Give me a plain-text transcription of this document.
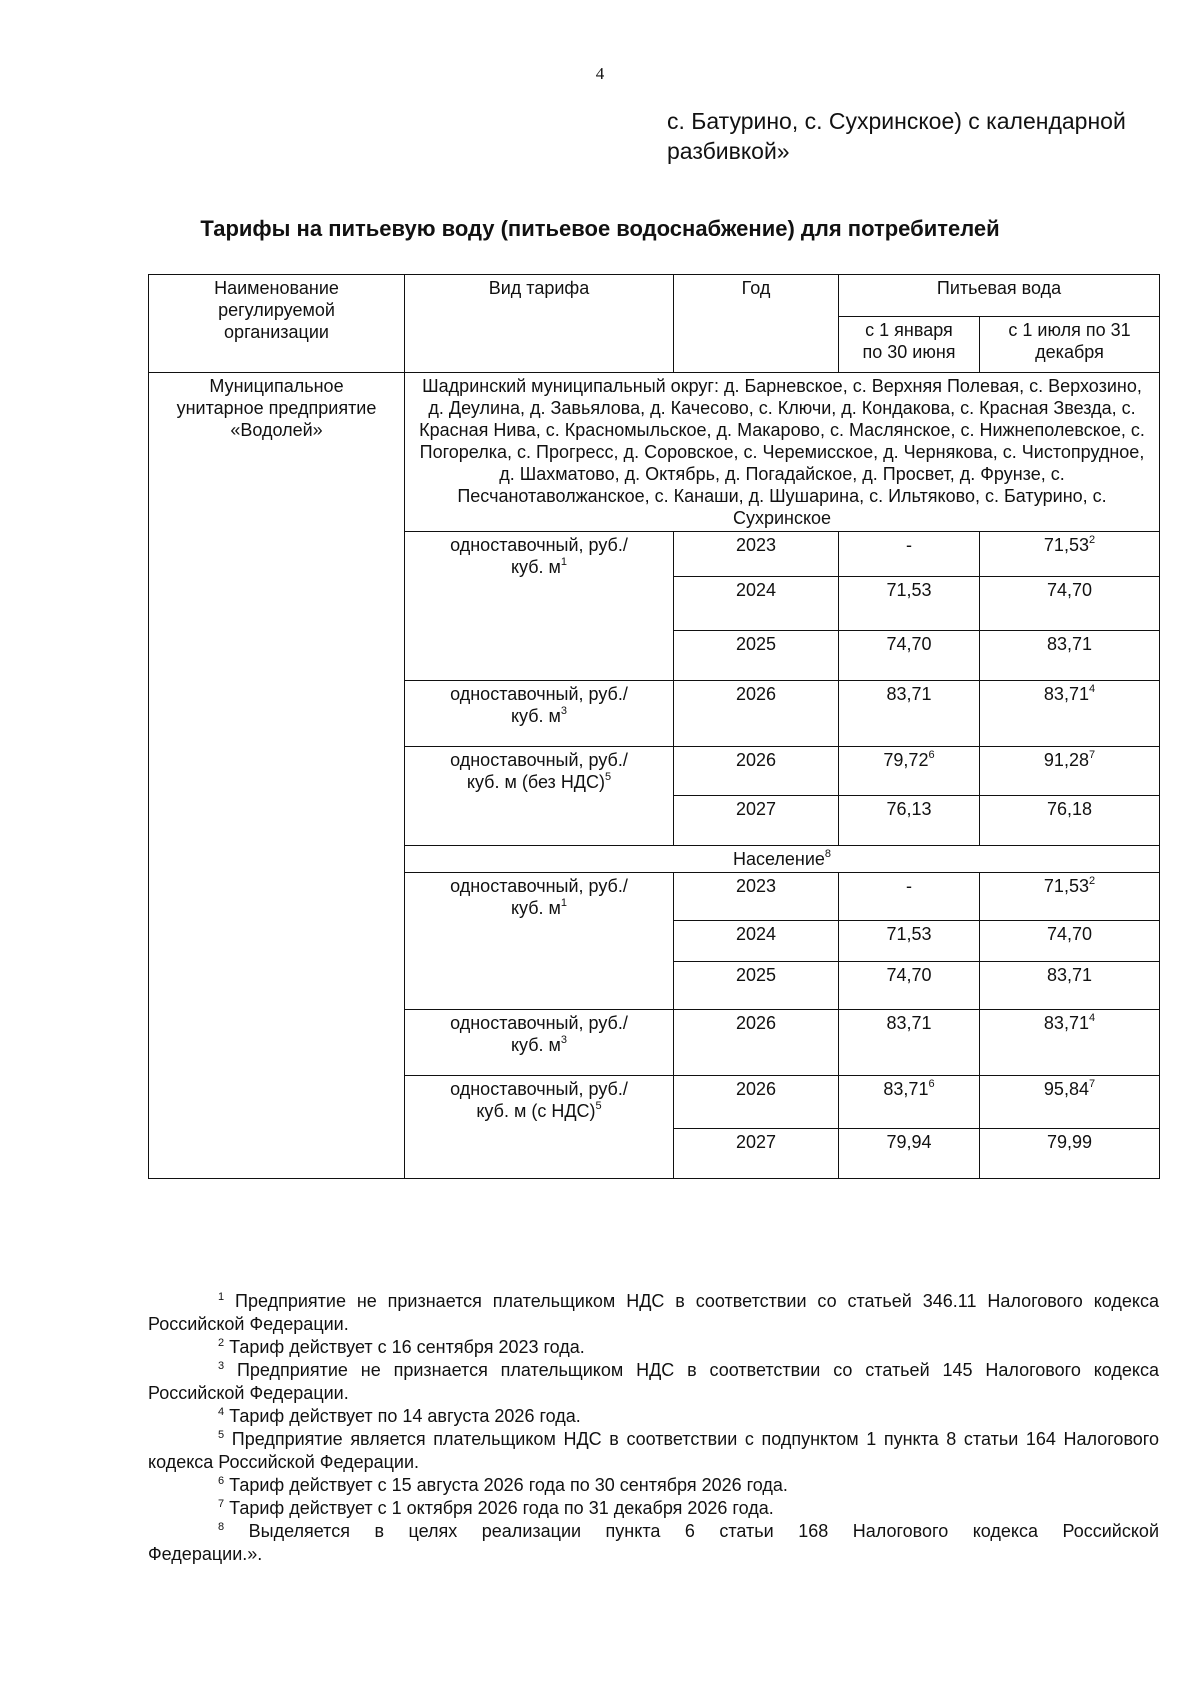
4
с. Батурино, с. Сухринское) с календарной
разбивкой»
Тарифы на питьевую воду (питьевое водоснабжение) для потребителей
Наименование регулируемой организации	Вид тарифа	Год	Питьевая вода	
			с 1 января по 30 июня	с 1 июля по 31 декабря
Муниципальное унитарное предприятие «Водолей»	Шадринский муниципальный округ: д. Барневское, с. Верхняя Полевая, с. Верхозино, д. Деулина, д. Завьялова, д. Качесово, с. Ключи, д. Кондакова, с. Красная Звезда, с. Красная Нива, с. Красномыльское, д. Макарово, с. Маслянское, с. Нижнеполевское, с. Погорелка, с. Прогресс, д. Соровское, с. Черемисское, д. Чернякова, с. Чистопрудное, д. Шахматово, д. Октябрь, д. Погадайское, д. Просвет, д. Фрунзе, с. Песчанотаволжанское, с. Канаши, д. Шушарина, с. Ильтяково, с. Батурино, с. Сухринское			
	одноставочный, руб./куб. $м^1$	2023	-	71,53$^2$
		2024	71,53	74,70
		2025	74,70	83,71
	одноставочный, руб./куб. $м^3$	2026	83,71	83,71$^4$
	одноставочный, руб./куб. м (без НДС)$^5$	2026	79,72$^6$	91,28$^7$
		2027	76,13	76,18
	Население$^8$
	одноставочный, руб./куб. $м^1$	2023	-	71,53$^2$
		2024	71,53	74,70
		2025	74,70	83,71
	одноставочный, руб./куб. $м^3$	2026	83,71	83,71$^4$
	одноставочный, руб./куб. м (с НДС)$^5$	2026	83,71$^6$	95,84$^7$
		2027	79,94	79,99

$^1$ Предприятие не признается плательщиком НДС в соответствии со статьей 346.11 Налогового кодекса Российской Федерации.

$^2$ Тариф действует с 16 сентября 2023 года.

$^3$ Предприятие не признается плательщиком НДС в соответствии со статьей 145 Налогового кодекса Российской Федерации.

$^4$ Тариф действует по 14 августа 2026 года.

$^5$ Предприятие является плательщиком НДС в соответствии с подпунктом 1 пункта 8 статьи 164 Налогового кодекса Российской Федерации.

$^6$ Тариф действует с 15 августа 2026 года по 30 сентября 2026 года.

$^7$ Тариф действует с 1 октября 2026 года по 31 декабря 2026 года.

$^8$ Выделяется в целях реализации пункта 6 статьи 168 Налогового кодекса Российской Федерации.».
